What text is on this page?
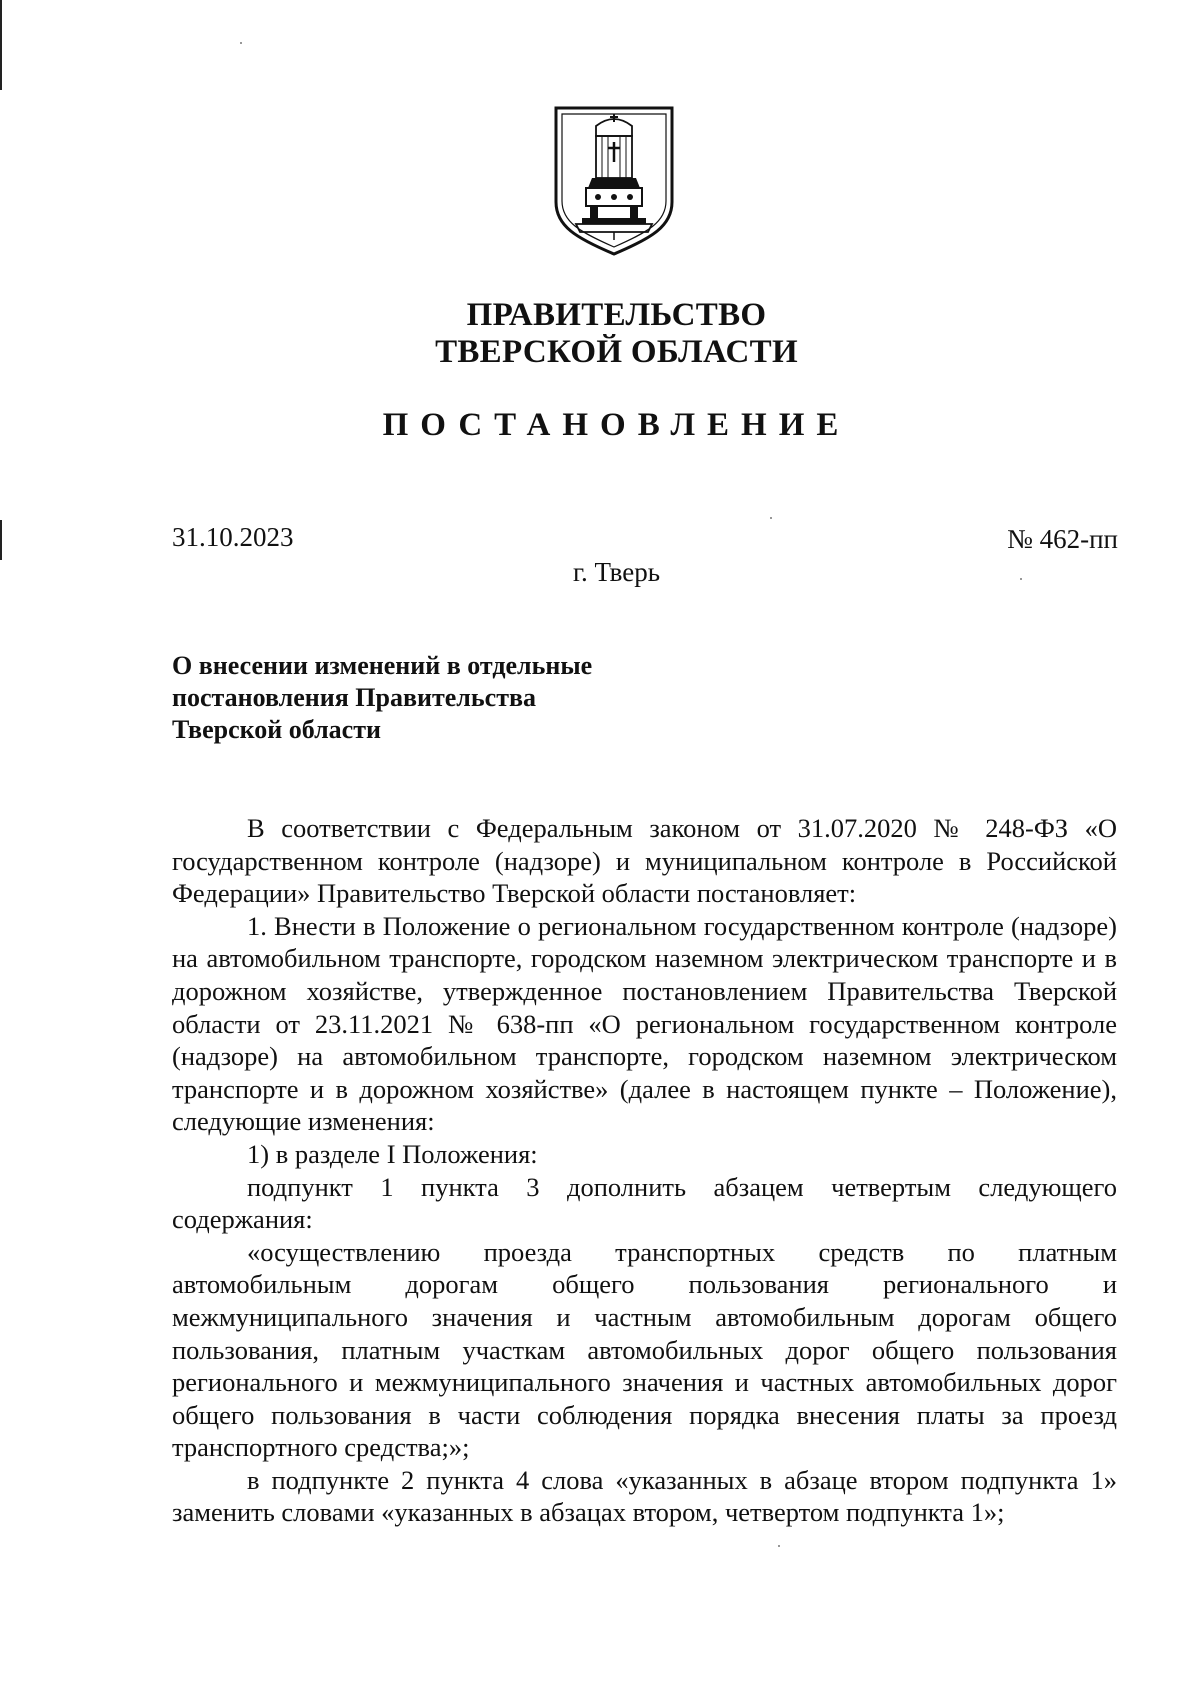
ПРАВИТЕЛЬСТВО
ТВЕРСКОЙ ОБЛАСТИ
ПОСТАНОВЛЕНИЕ
31.10.2023	№ 462-пп
г. Тверь
О внесении изменений в отдельные
постановления Правительства
Тверской области

В соответствии с Федеральным законом от 31.07.2020 № 248-ФЗ «О государственном контроле (надзоре) и муниципальном контроле в Российской Федерации» Правительство Тверской области постановляет:

1. Внести в Положение о региональном государственном контроле (надзоре) на автомобильном транспорте, городском наземном электрическом транспорте и в дорожном хозяйстве, утвержденное постановлением Правительства Тверской области от 23.11.2021 № 638-пп «О региональном государственном контроле (надзоре) на автомобильном транспорте, городском наземном электрическом транспорте и в дорожном хозяйстве» (далее в настоящем пункте – Положение), следующие изменения:

1) в разделе I Положения:

подпункт 1 пункта 3 дополнить абзацем четвертым следующего содержания:

«осуществлению проезда транспортных средств по платным автомобильным дорогам общего пользования регионального и межмуниципального значения и частным автомобильным дорогам общего пользования, платным участкам автомобильных дорог общего пользования регионального и межмуниципального значения и частных автомобильных дорог общего пользования в части соблюдения порядка внесения платы за проезд транспортного средства;»;

в подпункте 2 пункта 4 слова «указанных в абзаце втором подпункта 1» заменить словами «указанных в абзацах втором, четвертом подпункта 1»;
